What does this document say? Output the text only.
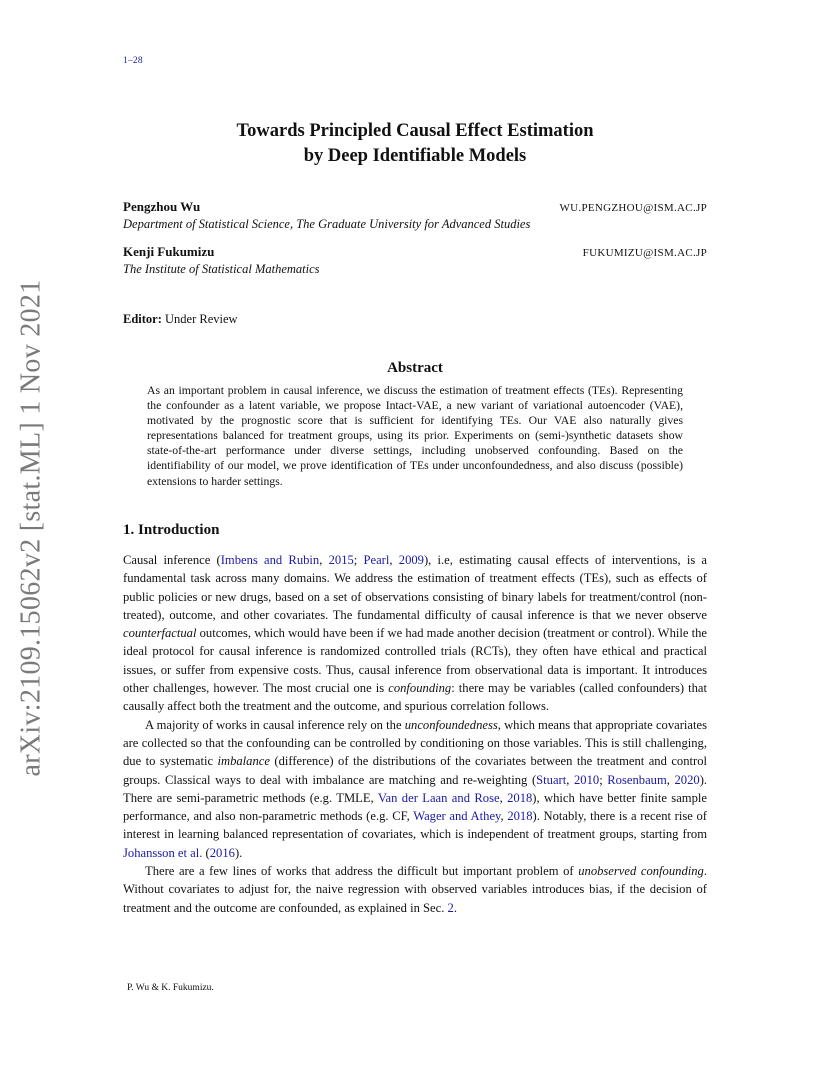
1–28
arXiv:2109.15062v2 [stat.ML] 1 Nov 2021
Towards Principled Causal Effect Estimation
by Deep Identifiable Models
Pengzhou Wu	WU.PENGZHOU@ISM.AC.JP
Department of Statistical Science, The Graduate University for Advanced Studies
Kenji Fukumizu	FUKUMIZU@ISM.AC.JP
The Institute of Statistical Mathematics
Editor: Under Review
Abstract
As an important problem in causal inference, we discuss the estimation of treatment effects (TEs). Representing the confounder as a latent variable, we propose Intact-VAE, a new variant of variational autoencoder (VAE), motivated by the prognostic score that is sufficient for identifying TEs. Our VAE also naturally gives representations balanced for treatment groups, using its prior. Experiments on (semi-)synthetic datasets show state-of-the-art performance under diverse settings, including unobserved confounding. Based on the identifiability of our model, we prove identification of TEs under unconfoundedness, and also discuss (possible) extensions to harder settings.
1. Introduction

Causal inference (Imbens and Rubin, 2015; Pearl, 2009), i.e, estimating causal effects of interventions, is a fundamental task across many domains. We address the estimation of treatment effects (TEs), such as effects of public policies or new drugs, based on a set of observations consisting of binary labels for treatment/control (non-treated), outcome, and other covariates. The fundamental difficulty of causal inference is that we never observe counterfactual outcomes, which would have been if we had made another decision (treatment or control). While the ideal protocol for causal inference is randomized controlled trials (RCTs), they often have ethical and practical issues, or suffer from expensive costs. Thus, causal inference from observational data is important. It introduces other challenges, however. The most crucial one is confounding: there may be variables (called confounders) that causally affect both the treatment and the outcome, and spurious correlation follows.

A majority of works in causal inference rely on the unconfoundedness, which means that appropriate covariates are collected so that the confounding can be controlled by conditioning on those variables. This is still challenging, due to systematic imbalance (difference) of the distributions of the covariates between the treatment and control groups. Classical ways to deal with imbalance are matching and re-weighting (Stuart, 2010; Rosenbaum, 2020). There are semi-parametric methods (e.g. TMLE, Van der Laan and Rose, 2018), which have better finite sample performance, and also non-parametric methods (e.g. CF, Wager and Athey, 2018). Notably, there is a recent rise of interest in learning balanced representation of covariates, which is independent of treatment groups, starting from Johansson et al. (2016).

There are a few lines of works that address the difficult but important problem of unobserved confounding. Without covariates to adjust for, the naive regression with observed variables introduces bias, if the decision of treatment and the outcome are confounded, as explained in Sec. 2.

P. Wu & K. Fukumizu.
